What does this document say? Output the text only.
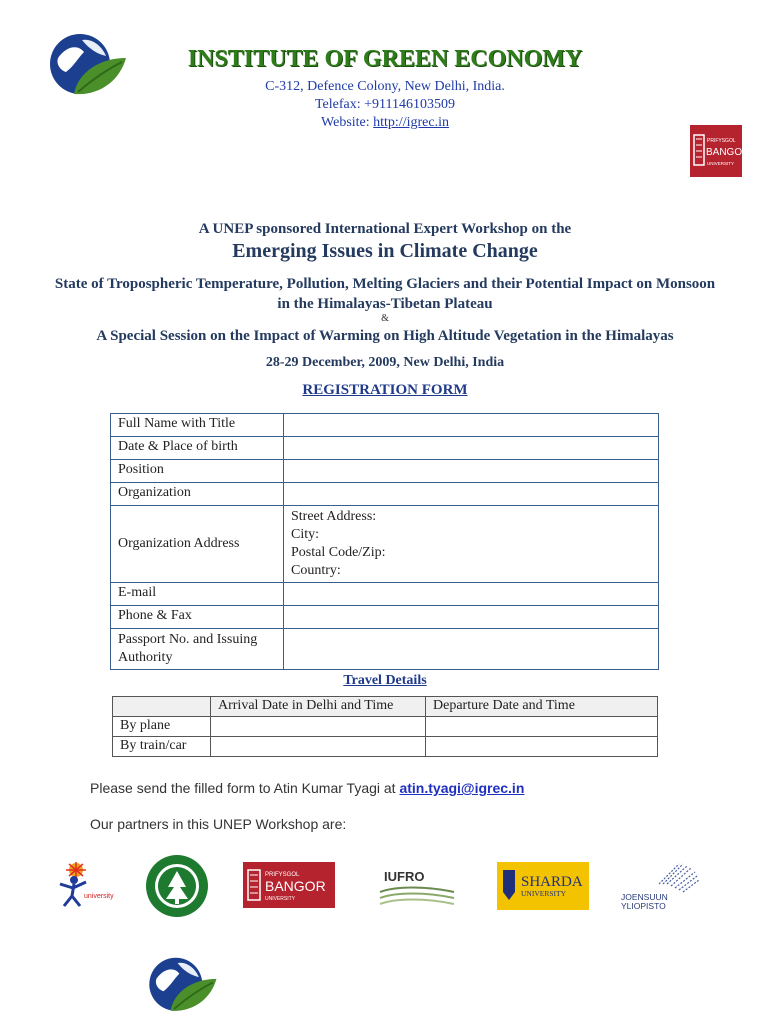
INSTITUTE OF GREEN ECONOMY
C-312, Defence Colony, New Delhi, India.
Telefax: +911146103509
Website: http://igrec.in
PRIFYSGOL
BANGOR
UNIVERSITY
A UNEP sponsored International Expert Workshop on the
Emerging Issues in Climate Change
State of Tropospheric Temperature, Pollution, Melting Glaciers and their Potential Impact on Monsoon in the Himalayas-Tibetan Plateau
&
A Special Session on the Impact of Warming on High Altitude Vegetation in the Himalayas
28-29 December, 2009, New Delhi, India
REGISTRATION FORM
Full Name with Title	
Date & Place of birth	
Position	
Organization	
Organization Address	Street Address:
City:
Postal Code/Zip:
Country:

E-mail	
Phone & Fax	
Passport No. and Issuing Authority	
Travel Details
	Arrival Date in Delhi and Time	Departure Date and Time
By plane		
By train/car		
Please send the filled form to Atin Kumar Tyagi at atin.tyagi@igrec.in
Our partners in this UNEP Workshop are:
university
PRIFYSGOL
BANGOR
UNIVERSITY
IUFRO	SHARDA
UNIVERSITY	JOENSUUN
YLIOPISTO
